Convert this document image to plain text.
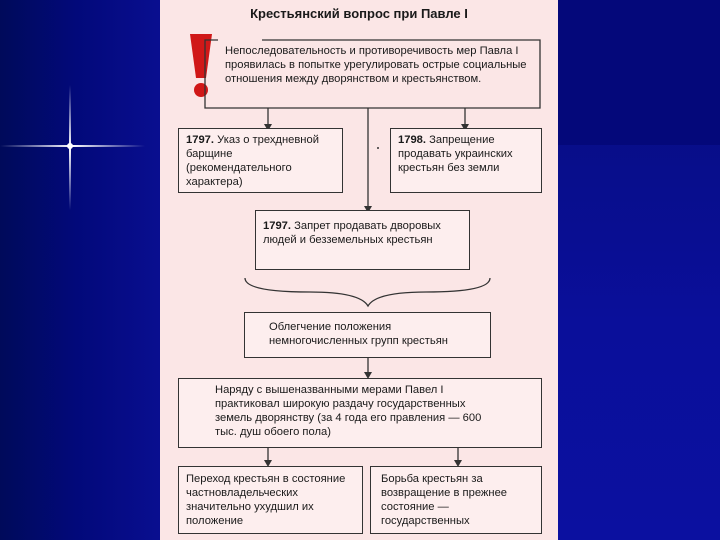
Крестьянский вопрос при Павле I
Непоследовательность и противоречивость мер Павла I проявилась в попытке урегулировать острые социальные отношения между дворянством и крестьянством.
1797. Указ о трехдневной барщине (рекомендательного характера)
1798. Запрещение продавать украинских крестьян без земли
1797. Запрет продавать дворовых людей и безземельных крестьян
Облегчение положения немногочисленных групп крестьян
Наряду с вышеназванными мерами Павел I практиковал широкую раздачу государственных земель дворянству (за 4 года его правления — 600 тыс. душ обоего пола)
Переход крестьян в состояние частновладельческих значительно ухудшил их положение
Борьба крестьян за возвращение в прежнее состояние — государственных
